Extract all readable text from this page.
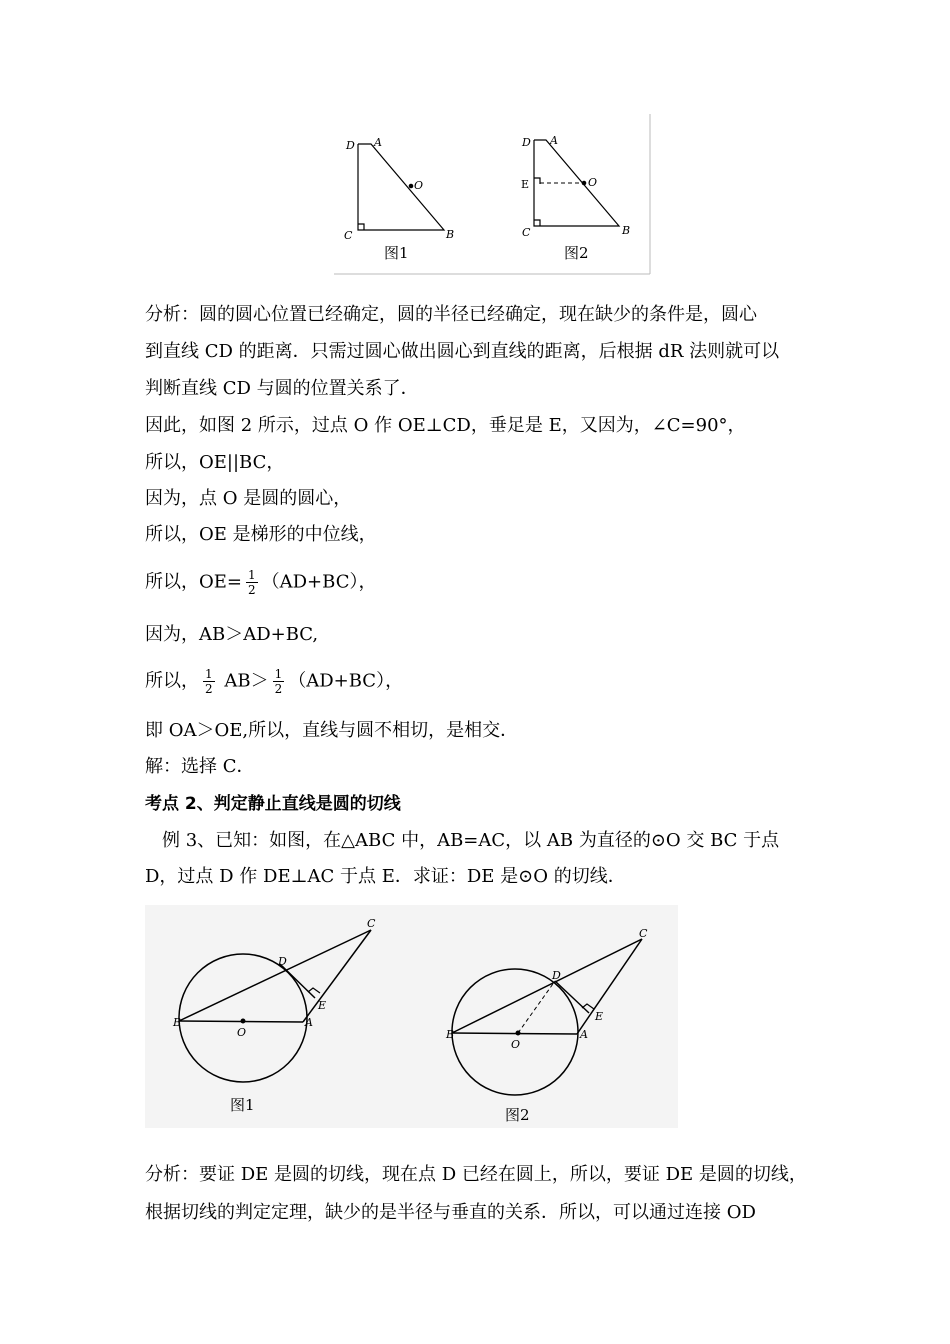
D A
O
C	B
图1
D A
E	O
C	B
图2
分析：圆的圆心位置已经确定，圆的半径已经确定，现在缺少的条件是，圆心
到直线 CD 的距离．只需过圆心做出圆心到直线的距离，后根据 dR 法则就可以
判断直线 CD 与圆的位置关系了．
因此，如图 2 所示，过点 O 作 OE⊥CD，垂足是 E，又因为，∠C=90°，
所以，OE||BC，
因为，点 O 是圆的圆心，
所以，OE 是梯形的中位线，
所以，$OE= \frac{1}{2} (AD+BC)$，
因为，AB＞AD+BC,
所以， $\frac{1}{2} AB> \frac{1}{2} (AD+BC)$，
即 OA＞OE,所以，直线与圆不相切，是相交．
解：选择 C．
考点 2、判定静止直线是圆的切线
例 3、已知：如图，在△ABC 中，AB=AC，以 AB 为直径的⊙O 交 BC 于点
D，过点 D 作 DE⊥AC 于点 E．求证：DE 是⊙O 的切线．
B
O
A
D
E
C
图1
B
O
A
D
E
C
图2
分析：要证 DE 是圆的切线，现在点 D 已经在圆上，所以，要证 DE 是圆的切线，
根据切线的判定定理，缺少的是半径与垂直的关系．所以，可以通过连接 OD
